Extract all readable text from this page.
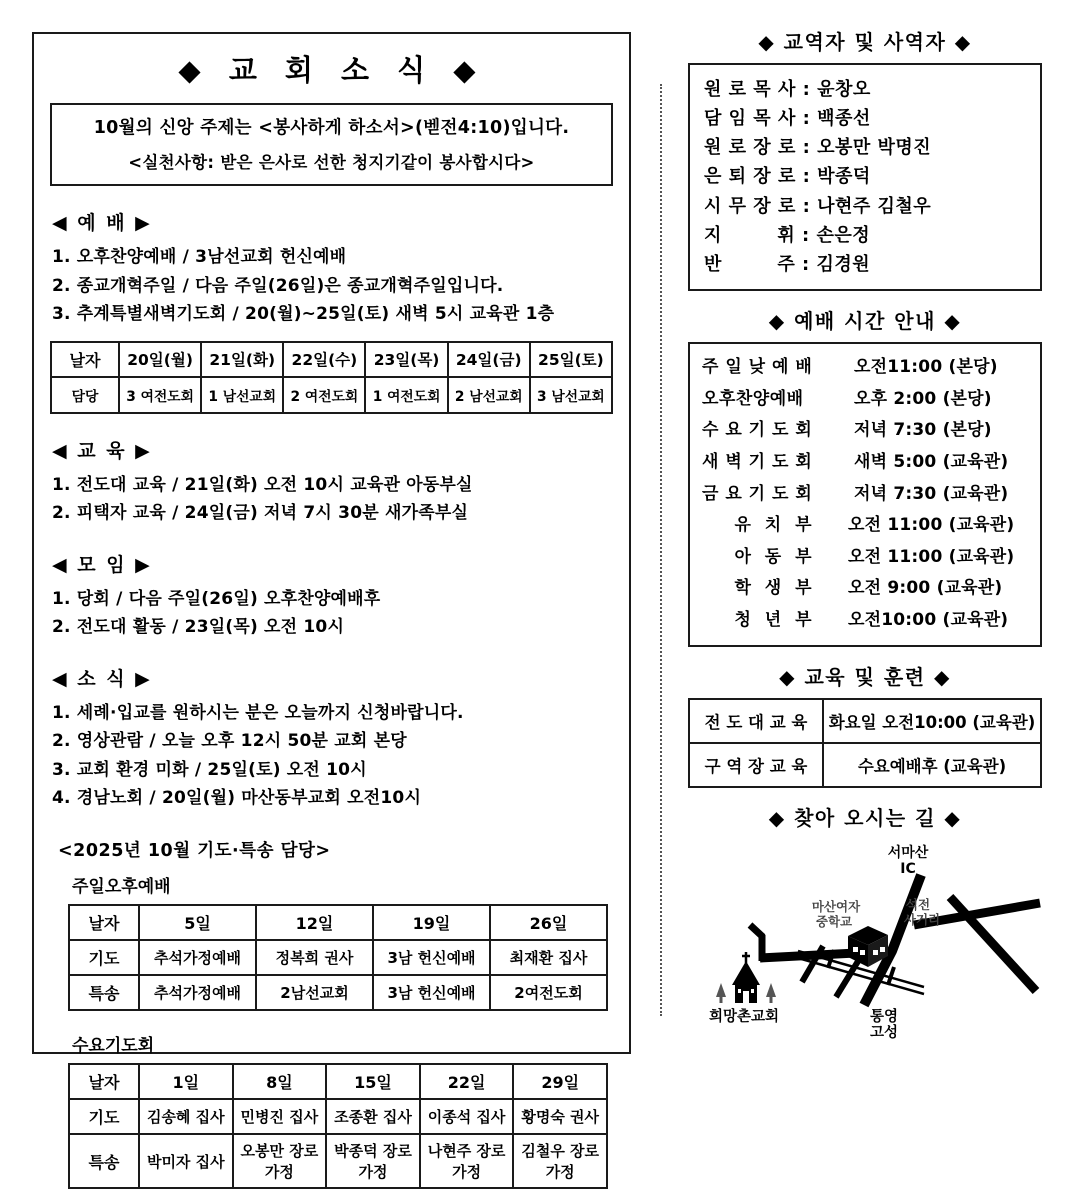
◆ 교 회 소 식 ◆
10월의 신앙 주제는 <봉사하게 하소서>(벧전4:10)입니다.
<실천사항: 받은 은사로 선한 청지기같이 봉사합시다>
◀ 예 배 ▶
1. 오후찬양예배 / 3남선교회 헌신예배
2. 종교개혁주일 / 다음 주일(26일)은 종교개혁주일입니다.
3. 추계특별새벽기도회 / 20(월)~25일(토) 새벽 5시 교육관 1층
날자	20일(월)	21일(화)	22일(수)	23일(목)	24일(금)	25일(토)
담당	3 여전도회	1 남선교회	2 여전도회	1 여전도회	2 남선교회	3 남선교회
◀ 교 육 ▶
1. 전도대 교육 / 21일(화) 오전 10시 교육관 아동부실
2. 피택자 교육 / 24일(금) 저녁 7시 30분 새가족부실
◀ 모 임 ▶
1. 당회 / 다음 주일(26일) 오후찬양예배후
2. 전도대 활동 / 23일(목) 오전 10시
◀ 소 식 ▶
1. 세례·입교를 원하시는 분은 오늘까지 신청바랍니다.
2. 영상관람 / 오늘 오후 12시 50분 교회 본당
3. 교회 환경 미화 / 25일(토) 오전 10시
4. 경남노회 / 20일(월) 마산동부교회 오전10시
<2025년 10월 기도·특송 담당>
주일오후예배
날자	5일	12일	19일	26일
기도	추석가정예배	정복희 권사	3남 헌신예배	최재환 집사
특송	추석가정예배	2남선교회	3남 헌신예배	2여전도회
수요기도회
날자	1일	8일	15일	22일	29일
기도	김송혜 집사	민병진 집사	조종환 집사	이종석 집사	황명숙 권사
특송	박미자 집사	오봉만 장로 가정	박종덕 장로 가정	나현주 장로 가정	김철우 장로 가정
◆ 교역자 및 사역자 ◆
원 로 목 사 : 윤창오
담 임 목 사 : 백종선
원 로 장 로 : 오봉만 박명진
은 퇴 장 로 : 박종덕
시 무 장 로 : 나현주 김철우
지　　　휘 : 손은정
반　　　주 : 김경원
◆ 예배 시간 안내 ◆
주 일 낮 예 배	오전11:00 (본당)
오후찬양예배	오후 2:00 (본당)
수 요 기 도 회	저녁 7:30 (본당)
새 벽 기 도 회	새벽 5:00 (교육관)
금 요 기 도 회	저녁 7:30 (교육관)
유 치 부	오전 11:00 (교육관)
아 동 부	오전 11:00 (교육관)
학 생 부	오전 9:00 (교육관)
청 년 부	오전10:00 (교육관)
◆ 교육 및 훈련 ◆
전 도 대 교 육	화요일 오전10:00 (교육관)
구 역 장 교 육	수요예배후 (교육관)
◆ 찾아 오시는 길 ◆
서마산
IC
마산여자
중학교
석전
사거리
희망촌교회	통영
고성
